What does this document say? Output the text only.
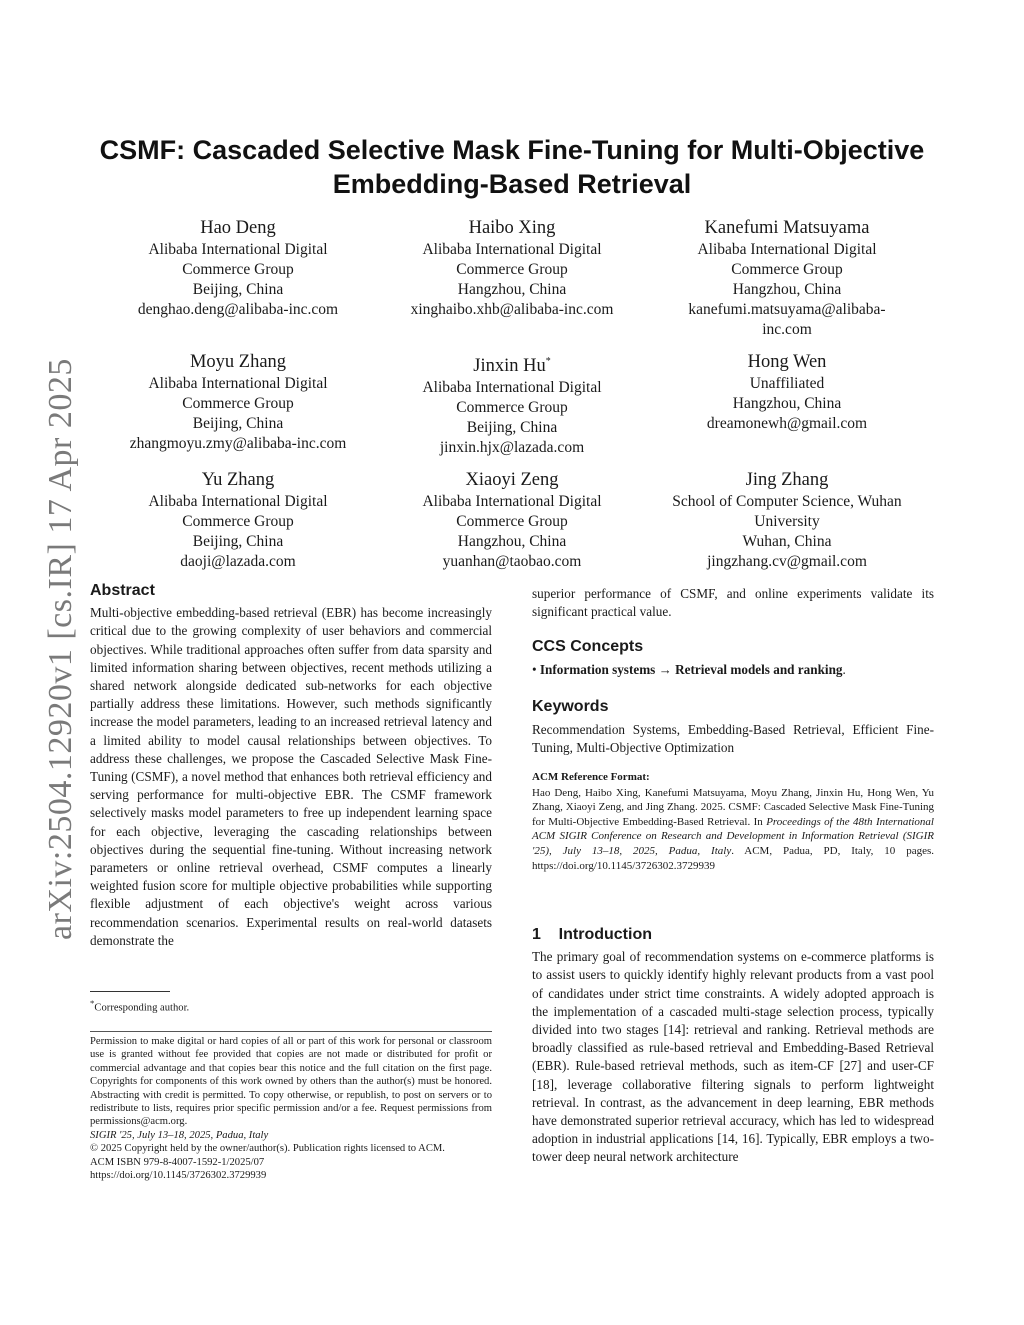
arXiv:2504.12920v1 [cs.IR] 17 Apr 2025
CSMF: Cascaded Selective Mask Fine-Tuning for Multi-Objective
Embedding-Based Retrieval
Hao Deng
Alibaba International Digital
Commerce Group
Beijing, China
denghao.deng@alibaba-inc.com
Haibo Xing
Alibaba International Digital
Commerce Group
Hangzhou, China
xinghaibo.xhb@alibaba-inc.com
Kanefumi Matsuyama
Alibaba International Digital
Commerce Group
Hangzhou, China
kanefumi.matsuyama@alibaba-
inc.com
Moyu Zhang
Alibaba International Digital
Commerce Group
Beijing, China
zhangmoyu.zmy@alibaba-inc.com
Jinxin Hu*
Alibaba International Digital
Commerce Group
Beijing, China
jinxin.hjx@lazada.com
Hong Wen
Unaffiliated
Hangzhou, China
dreamonewh@gmail.com
Yu Zhang
Alibaba International Digital
Commerce Group
Beijing, China
daoji@lazada.com
Xiaoyi Zeng
Alibaba International Digital
Commerce Group
Hangzhou, China
yuanhan@taobao.com
Jing Zhang
School of Computer Science, Wuhan
University
Wuhan, China
jingzhang.cv@gmail.com
Abstract
Multi-objective embedding-based retrieval (EBR) has become increasingly critical due to the growing complexity of user behaviors and commercial objectives. While traditional approaches often suffer from data sparsity and limited information sharing between objectives, recent methods utilizing a shared network alongside dedicated sub-networks for each objective partially address these limitations. However, such methods significantly increase the model parameters, leading to an increased retrieval latency and a limited ability to model causal relationships between objectives. To address these challenges, we propose the Cascaded Selective Mask Fine-Tuning (CSMF), a novel method that enhances both retrieval efficiency and serving performance for multi-objective EBR. The CSMF framework selectively masks model parameters to free up independent learning space for each objective, leveraging the cascading relationships between objectives during the sequential fine-tuning. Without increasing network parameters or online retrieval overhead, CSMF computes a linearly weighted fusion score for multiple objective probabilities while supporting flexible adjustment of each objective's weight across various recommendation scenarios. Experimental results on real-world datasets demonstrate the
*Corresponding author.
Permission to make digital or hard copies of all or part of this work for personal or classroom use is granted without fee provided that copies are not made or distributed for profit or commercial advantage and that copies bear this notice and the full citation on the first page. Copyrights for components of this work owned by others than the author(s) must be honored. Abstracting with credit is permitted. To copy otherwise, or republish, to post on servers or to redistribute to lists, requires prior specific permission and/or a fee. Request permissions from permissions@acm.org.
SIGIR '25, July 13–18, 2025, Padua, Italy
© 2025 Copyright held by the owner/author(s). Publication rights licensed to ACM.
ACM ISBN 979-8-4007-1592-1/2025/07
https://doi.org/10.1145/3726302.3729939
superior performance of CSMF, and online experiments validate its significant practical value.
CCS Concepts
• Information systems → Retrieval models and ranking.
Keywords
Recommendation Systems, Embedding-Based Retrieval, Efficient Fine-Tuning, Multi-Objective Optimization
ACM Reference Format:
Hao Deng, Haibo Xing, Kanefumi Matsuyama, Moyu Zhang, Jinxin Hu, Hong Wen, Yu Zhang, Xiaoyi Zeng, and Jing Zhang. 2025. CSMF: Cascaded Selective Mask Fine-Tuning for Multi-Objective Embedding-Based Retrieval. In Proceedings of the 48th International ACM SIGIR Conference on Research and Development in Information Retrieval (SIGIR '25), July 13–18, 2025, Padua, Italy. ACM, Padua, PD, Italy, 10 pages. https://doi.org/10.1145/3726302.3729939
1    Introduction
The primary goal of recommendation systems on e-commerce platforms is to assist users to quickly identify highly relevant products from a vast pool of candidates under strict time constraints. A widely adopted approach is the implementation of a cascaded multi-stage selection process, typically divided into two stages [14]: retrieval and ranking. Retrieval methods are broadly classified as rule-based retrieval and Embedding-Based Retrieval (EBR). Rule-based retrieval methods, such as item-CF [27] and user-CF [18], leverage collaborative filtering signals to perform lightweight retrieval. In contrast, as the advancement in deep learning, EBR methods have demonstrated superior retrieval accuracy, which has led to widespread adoption in industrial applications [14, 16]. Typically, EBR employs a two-tower deep neural network architecture
